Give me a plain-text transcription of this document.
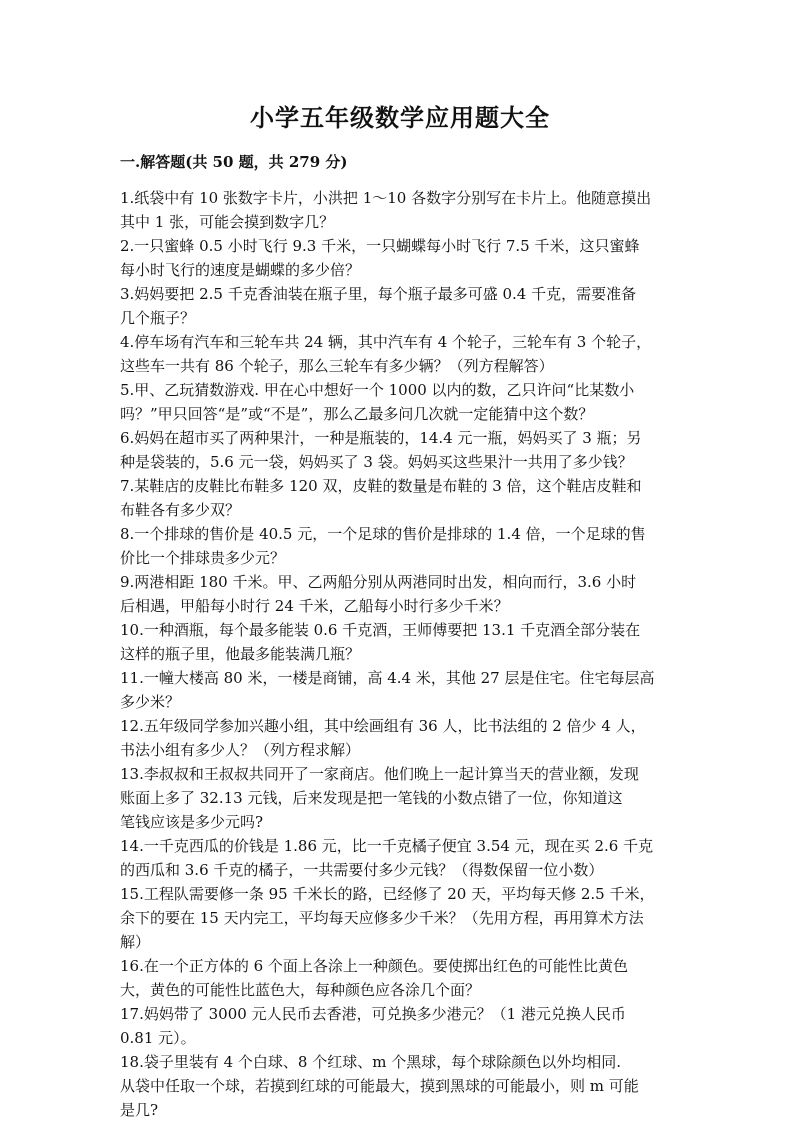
小学五年级数学应用题大全
一.解答题(共 50 题，共 279 分)
1.纸袋中有 10 张数字卡片，小洪把 1～10 各数字分别写在卡片上。他随意摸出
其中 1 张，可能会摸到数字几？
2.一只蜜蜂 0.5 小时飞行 9.3 千米，一只蝴蝶每小时飞行 7.5 千米，这只蜜蜂
每小时飞行的速度是蝴蝶的多少倍？
3.妈妈要把 2.5 千克香油装在瓶子里，每个瓶子最多可盛 0.4 千克，需要准备
几个瓶子？
4.停车场有汽车和三轮车共 24 辆，其中汽车有 4 个轮子，三轮车有 3 个轮子，
这些车一共有 86 个轮子，那么三轮车有多少辆？（列方程解答）
5.甲、乙玩猜数游戏. 甲在心中想好一个 1000 以内的数，乙只许问“比某数小
吗？”甲只回答“是”或“不是”，那么乙最多问几次就一定能猜中这个数？
6.妈妈在超市买了两种果汁，一种是瓶装的，14.4 元一瓶，妈妈买了 3 瓶；另
种是袋装的，5.6 元一袋，妈妈买了 3 袋。妈妈买这些果汁一共用了多少钱？
7.某鞋店的皮鞋比布鞋多 120 双，皮鞋的数量是布鞋的 3 倍，这个鞋店皮鞋和
布鞋各有多少双？
8.一个排球的售价是 40.5 元，一个足球的售价是排球的 1.4 倍，一个足球的售
价比一个排球贵多少元？
9.两港相距 180 千米。甲、乙两船分别从两港同时出发，相向而行，3.6 小时
后相遇，甲船每小时行 24 千米，乙船每小时行多少千米？
10.一种酒瓶，每个最多能装 0.6 千克酒，王师傅要把 13.1 千克酒全部分装在
这样的瓶子里，他最多能装满几瓶？
11.一幢大楼高 80 米，一楼是商铺，高 4.4 米，其他 27 层是住宅。住宅每层高
多少米？
12.五年级同学参加兴趣小组，其中绘画组有 36 人，比书法组的 2 倍少 4 人，
书法小组有多少人？（列方程求解）
13.李叔叔和王叔叔共同开了一家商店。他们晚上一起计算当天的营业额，发现
账面上多了 32.13 元钱，后来发现是把一笔钱的小数点错了一位，你知道这
笔钱应该是多少元吗?
14.一千克西瓜的价钱是 1.86 元，比一千克橘子便宜 3.54 元，现在买 2.6 千克
的西瓜和 3.6 千克的橘子，一共需要付多少元钱？（得数保留一位小数）
15.工程队需要修一条 95 千米长的路，已经修了 20 天，平均每天修 2.5 千米，
余下的要在 15 天内完工，平均每天应修多少千米？（先用方程，再用算术方法
解）
16.在一个正方体的 6 个面上各涂上一种颜色。要使掷出红色的可能性比黄色
大，黄色的可能性比蓝色大，每种颜色应各涂几个面？
17.妈妈带了 3000 元人民币去香港，可兑换多少港元？（1 港元兑换人民币
0.81 元）。
18.袋子里装有 4 个白球、8 个红球、m 个黑球，每个球除颜色以外均相同.
从袋中任取一个球，若摸到红球的可能最大，摸到黑球的可能最小，则 m 可能
是几?
